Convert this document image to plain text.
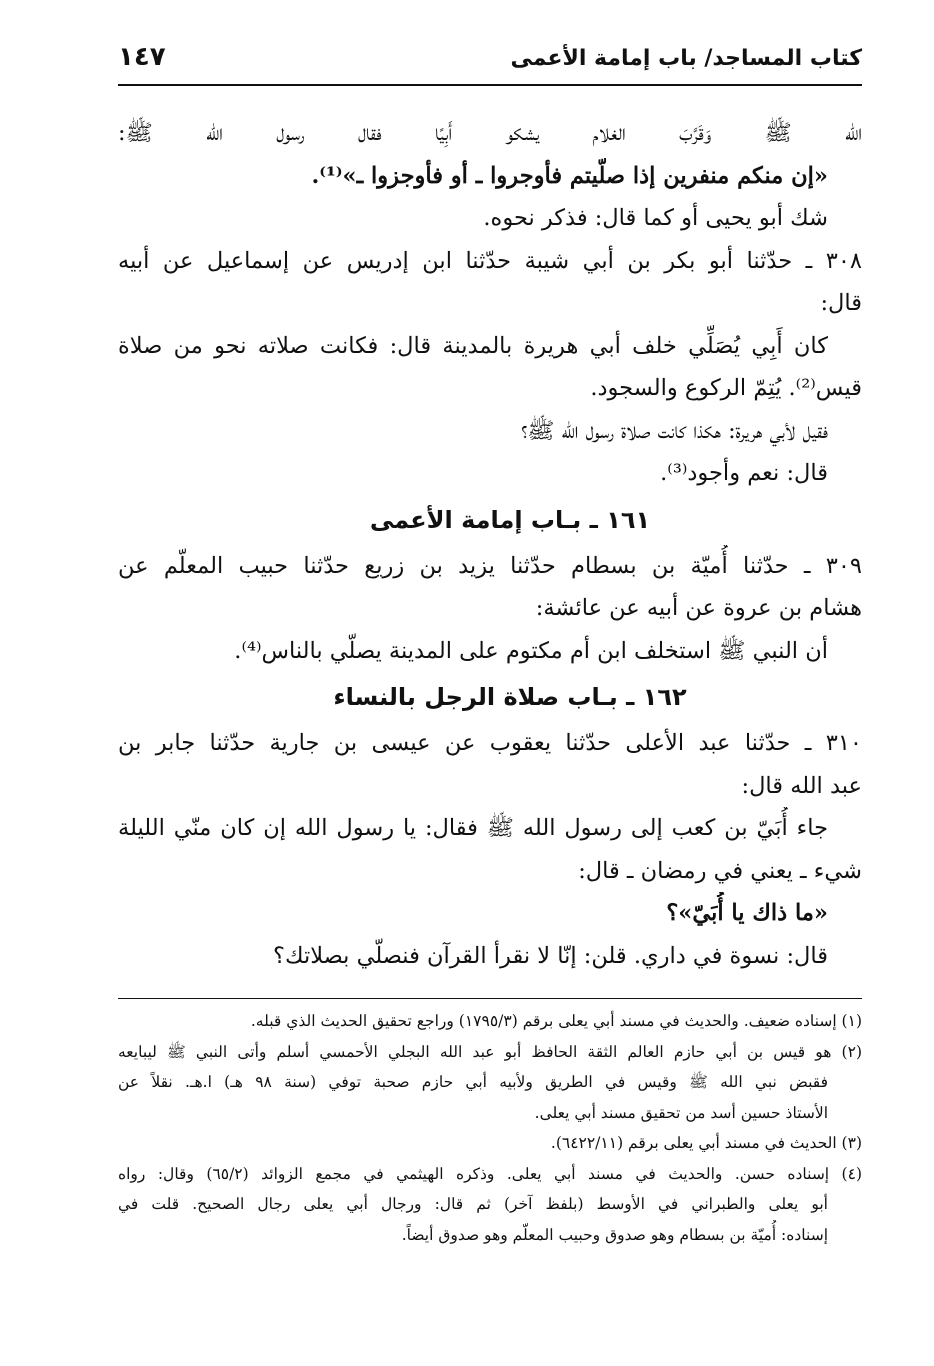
كتاب المساجد/ باب إمامة الأعمى
١٤٧
الله ﷺ وَقَرَّبَ الغلام يشكو أَبِيًا فقال رسول الله ﷺ:
«إن منكم منفرين إذا صلّيتم فأوجروا ـ أو فأوجزوا ـ»⁽¹⁾.
شك أبو يحيى أو كما قال: فذكر نحوه.
٣٠٨ ـ حدّثنا أبو بكر بن أبي شيبة حدّثنا ابن إدريس عن إسماعيل عن أبيه
قال:
كان أَبِي يُصَلِّي خلف أبي هريرة بالمدينة قال: فكانت صلاته نحو من صلاة
قيس⁽²⁾. يُتِمّ الركوع والسجود.
فقيل لأبي هريرة: هكذا كانت صلاة رسول الله ﷺ؟
قال: نعم وأجود⁽³⁾.
١٦١ ـ بـاب إمامة الأعمى
٣٠٩ ـ حدّثنا أُميّة بن بسطام حدّثنا يزيد بن زريع حدّثنا حبيب المعلّم عن
هشام بن عروة عن أبيه عن عائشة:
أن النبي ﷺ استخلف ابن أم مكتوم على المدينة يصلّي بالناس⁽⁴⁾.
١٦٢ ـ بـاب صلاة الرجل بالنساء
٣١٠ ـ حدّثنا عبد الأعلى حدّثنا يعقوب عن عيسى بن جارية حدّثنا جابر بن
عبد الله قال:
جاء أُبَيّ بن كعب إلى رسول الله ﷺ فقال: يا رسول الله إن كان منّي الليلة
شيء ـ يعني في رمضان ـ قال:
«ما ذاك يا أُبَيّ»؟
قال: نسوة في داري. قلن: إنّا لا نقرأ القرآن فنصلّي بصلاتك؟
(١) إسناده ضعيف. والحديث في مسند أبي يعلى برقم (١٧٩٥/٣) وراجع تحقيق الحديث الذي قبله.
(٢) هو قيس بن أبي حازم العالم الثقة الحافظ أبو عبد الله البجلي الأحمسي أسلم وأتى النبي ﷺ ليبايعه
فقبض نبي الله ﷺ وقيس في الطريق ولأبيه أبي حازم صحبة توفي (سنة ٩٨ هـ) ا.هـ. نقلاً عن
الأستاذ حسين أسد من تحقيق مسند أبي يعلى.
(٣) الحديث في مسند أبي يعلى برقم (٦٤٢٢/١١).
(٤) إسناده حسن. والحديث في مسند أبي يعلى. وذكره الهيثمي في مجمع الزوائد (٦٥/٢) وقال: رواه
أبو يعلى والطبراني في الأوسط (بلفظ آخر) ثم قال: ورجال أبي يعلى رجال الصحيح. قلت في
إسناده: أُميّة بن بسطام وهو صدوق وحبيب المعلّم وهو صدوق أيضاً.
